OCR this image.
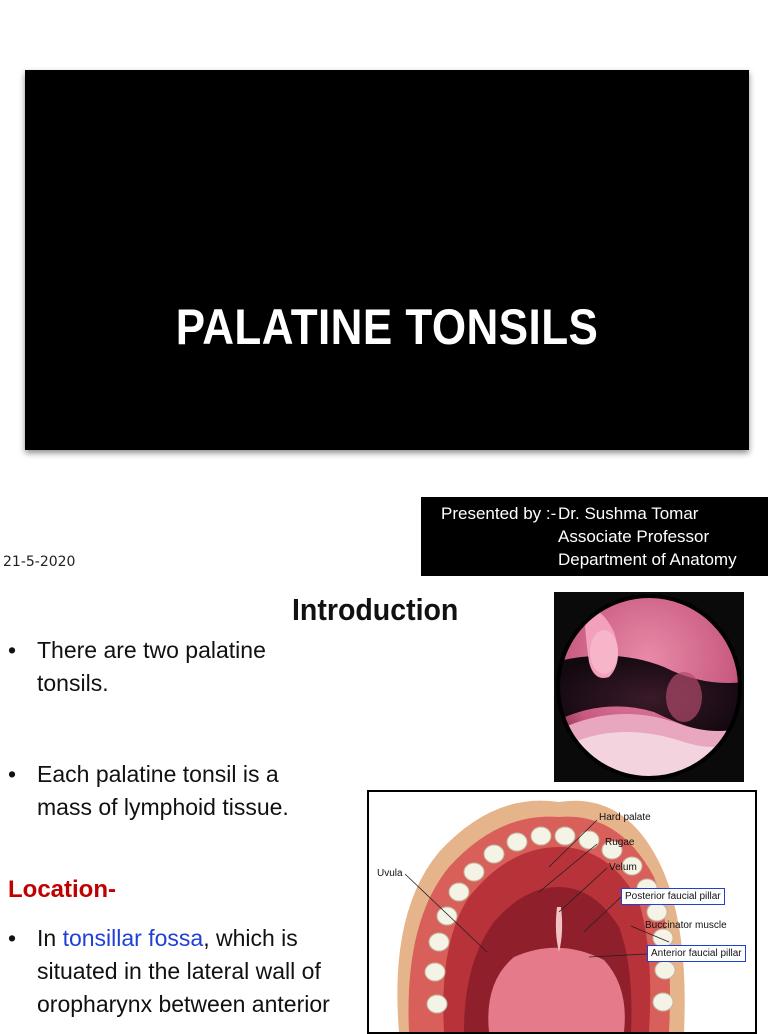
PALATINE TONSILS
Presented by :- Dr. Sushma Tomar
Associate Professor
Department of Anatomy
21-5-2020
Introduction
• There are two palatine
tonsils.
• Each palatine tonsil is a
mass of lymphoid tissue.
Location-
• In tonsillar fossa, which is
situated in the lateral wall of
oropharynx between anterior
Hard palate
Rugae
Velum
Uvula
Posterior faucial pillar
Buccinator muscle
Anterior faucial pillar
